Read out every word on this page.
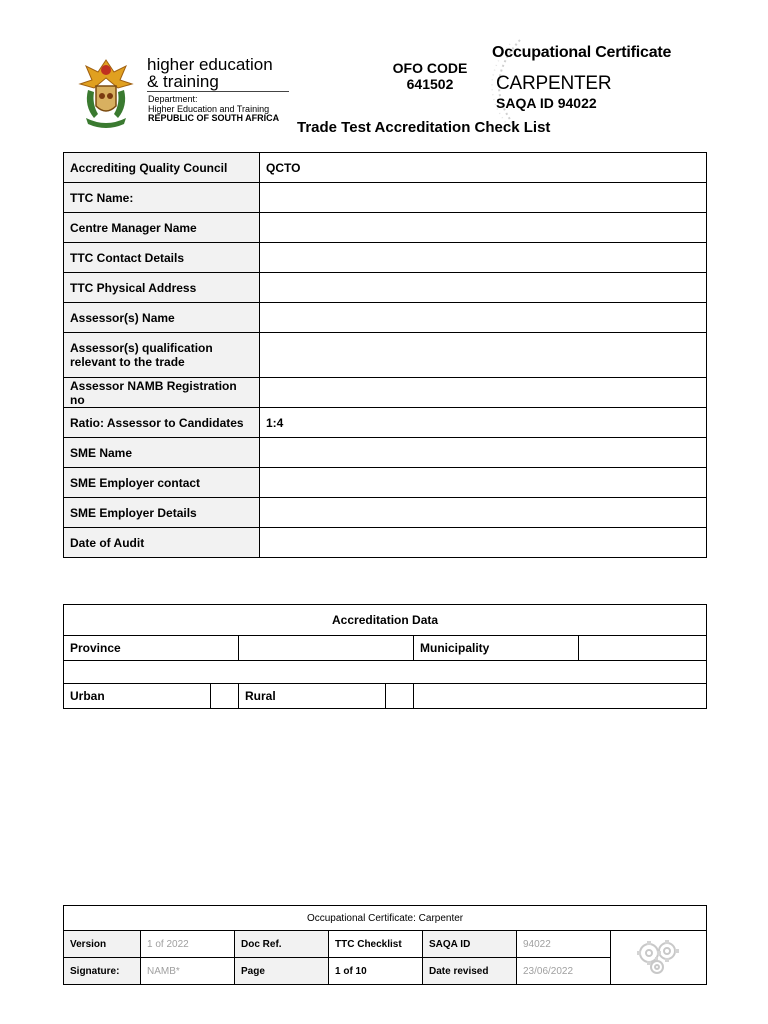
higher education
& training
Department:
Higher Education and Training
REPUBLIC OF SOUTH AFRICA
OFO CODE
641502
Occupational Certificate
CARPENTER
SAQA ID 94022
Trade Test Accreditation Check List
Accrediting Quality Council	QCTO
TTC Name:	
Centre Manager Name	
TTC Contact Details	
TTC Physical Address	
Assessor(s) Name	
Assessor(s) qualification relevant to the trade	
Assessor NAMB Registration no	
Ratio: Assessor to Candidates	1:4
SME Name	
SME Employer contact	
SME Employer Details	
Date of Audit	
Accreditation Data					
Province				Municipality	

Urban		Rural			
Occupational Certificate: Carpenter						
Version	1 of 2022	Doc Ref.	TTC Checklist	SAQA ID	94022	
Signature:	NAMB*	Page	1 of 10	Date revised	23/06/2022	
